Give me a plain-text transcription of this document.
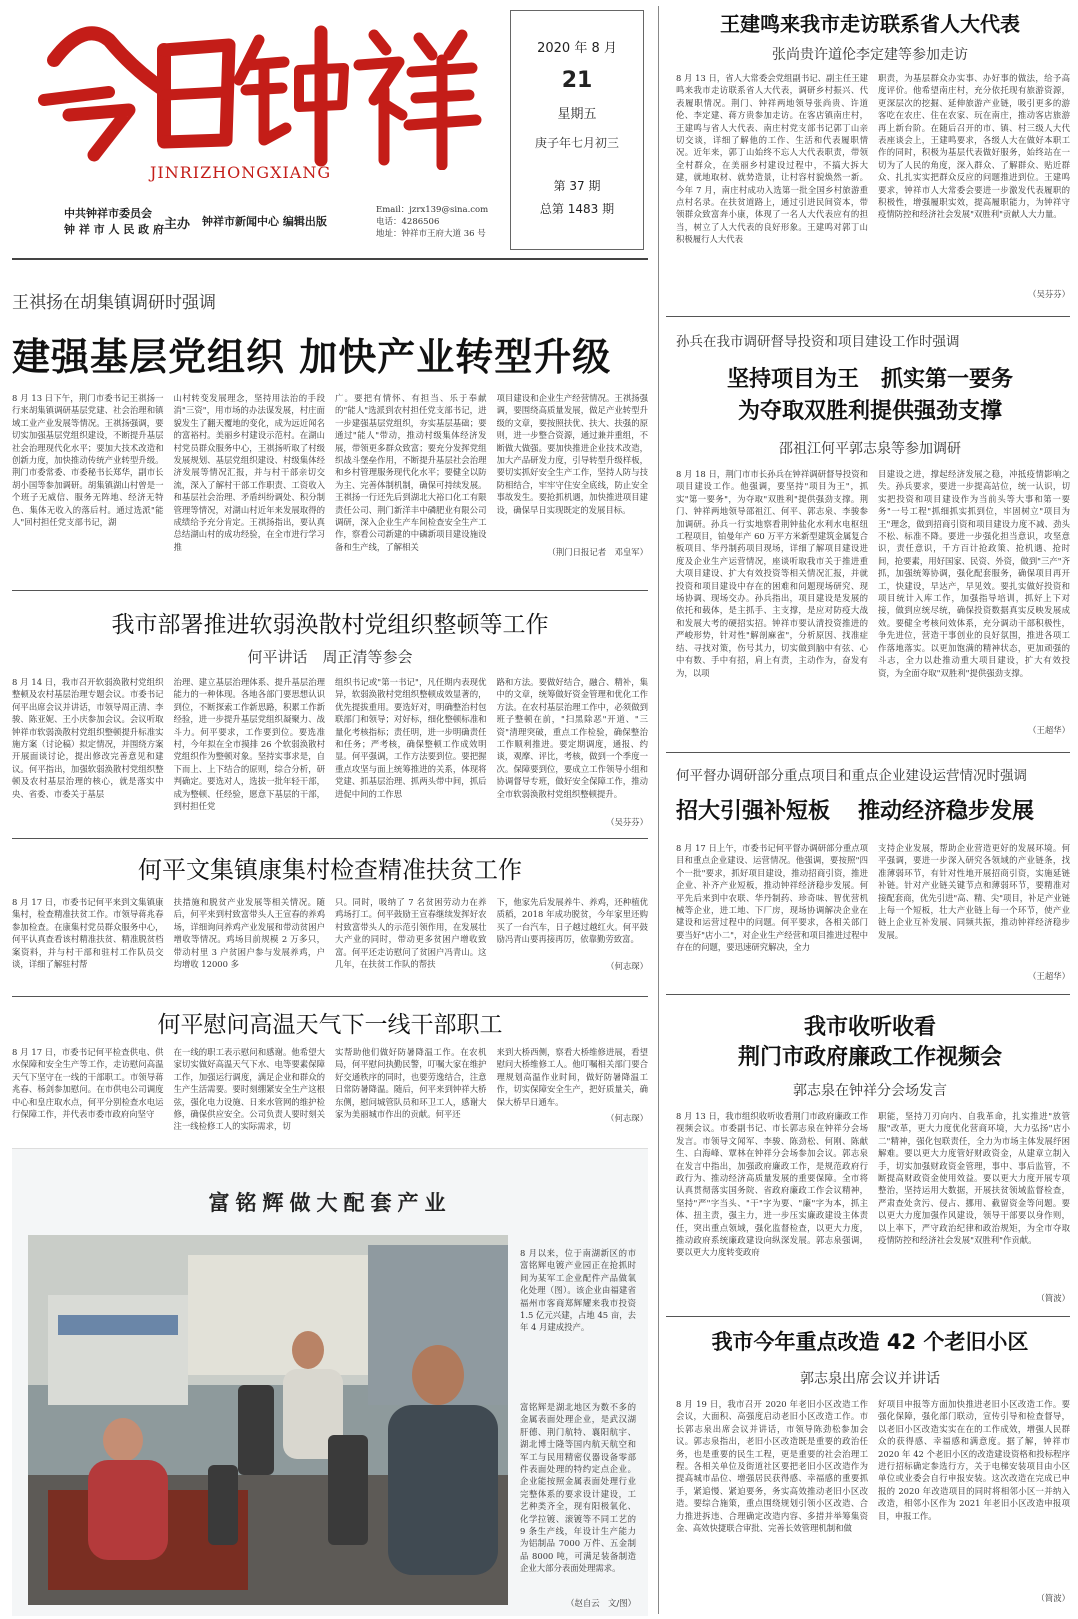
JINRIZHONGXIANG
中共钟祥市委员会
钟 祥 市 人 民 政 府 主办 钟祥市新闻中心 编辑出版
Email：jzrx139@sina.com
电话：4286506
地址：钟祥市王府大道 36 号
2020 年 8 月
21
星期五
庚子年七月初三
第 37 期
总第 1483 期
王祺扬在胡集镇调研时强调
建强基层党组织 加快产业转型升级
8 月 13 日下午，荆门市委书记王祺扬一行来胡集镇调研基层党建、社会治理和镇域工业产业发展等情况。王祺扬强调，要切实加强基层党组织建设，不断提升基层社会治理现代化水平；要加大技术改造和创新力度，加快推动传统产业转型升级。荆门市委常委、市委秘书长郑华，副市长胡小国等参加调研。胡集镇湖山村曾是一个班子无威信、服务无阵地、经济无特色、集体无收入的落后村。通过选派"能人"回村担任党支部书记，湖
山村转变发展理念，坚持用法治的手段消"三资"，用市场的办法谋发展，村庄面貌发生了翻天覆地的变化，成为远近闻名的富裕村。美丽乡村建设示范村。在湖山村党员群众服务中心，王祺扬听取了村级发展规划、基层党组织建设、村级集体经济发展等情况汇报，并与村干部亲切交流，深入了解村干部工作职责、工资收入和基层社会治理、矛盾纠纷调处、积分制管理等情况，对湖山村近年来发展取得的成绩给予充分肯定。王祺扬指出，要认真总结湖山村的成功经验，在全市进行学习推
广。要把有情怀、有担当、乐于奉献的"能人"选派到农村担任党支部书记，进一步建强基层党组织，夯实基层基础；要通过"能人"带动，推动村级集体经济发展，带领更多群众致富；要充分发挥党组织战斗堡垒作用，不断提升基层社会治理和乡村管理服务现代化水平；要健全以防为主、完善体制机制，确保可持续发展。王祺扬一行还先后到湖北大裕口化工有限责任公司、荆门新洋丰中磷肥业有限公司调研，深入企业生产车间检查安全生产工作，察看公司新建的中磷新项目建设施设备和生产线，了解相关
项目建设和企业生产经营情况。王祺扬强调，要围绕高质量发展，做足产业转型升级的文章，要按照扶优、扶大、扶强的原则，进一步整合资源，通过兼并重组，不断做大做强。要加快推进企业技术改造，加大产品研发力度，引导转型升级样板，要切实抓好安全生产工作，坚持人防与技防相结合，牢牢守住安全底线，防止安全事故发生。要抢抓机遇，加快推进项目建设，确保早日实现既定的发展目标。
（荆门日报记者　邓皇军）
我市部署推进软弱涣散村党组织整顿等工作
何平讲话　周正清等参会
8 月 14 日，我市召开软弱涣散村党组织整顿及农村基层治理专题会议。市委书记何平出席会议并讲话，市领导周正清、李骏、陈亚妮、王小庆参加会议。会议听取钟祥市软弱涣散村党组织整顿提升标准实施方案（讨论稿）拟定情况，并围绕方案开展面谈讨论，提出修改完善意见和建议。何平指出，加强软弱涣散村党组织整顿及农村基层治理的核心，就是落实中央、省委、市委关于基层
治理、建立基层治理体系、提升基层治理能力的一种体现。各地各部门要思想认识到位，不断探索工作新思路，积累工作新经验，进一步提升基层党组织凝聚力、战斗力。何平要求，工作要到位。要选准村，今年拟在全市摸排 26 个软弱涣散村党组织作为整顿对象。坚持实事求是，自下而上、上下结合的原则，综合分析，研判确定。要选对人，选拔一批年轻干部，成为整顿、任经验，愿意下基层的干部，到村担任党
组织书记或"第一书记"，凡任期内表现优异，软弱涣散村党组织整顿成效显著的，优先提拔重用。要选好对，明确整治村包联部门和领导；对好标，细化整顿标准和量化考核指标；责任明，进一步明确责任和任务；严考核，确保整顿工作成效明显。何平强调，工作方法要到位。要把握重点攻坚与面上统筹推进的关系，体现将党建、抓基层治理、抓两头带中间，抓后进促中间的工作思
路和方法。要做好结合，融合、精补，集中的文章，统筹做好资金管理和优化工作方法。在农村基层治理工作中，必须做到班子整顿在前，"扫黑除恶"开道、"三资"清理突破，重点工作检验，确保整治工作顺利推进。要定期调度，通报、约谈，观摩、评比，考核，做到一个季度一次。保障要到位，要成立工作领导小组和协调督导专班，做好安全保障工作，推动全市软弱涣散村党组织整顿提升。
（吴芬芬）
何平文集镇康集村检查精准扶贫工作
8 月 17 日，市委书记何平来到文集镇康集村，检查精准扶贫工作。市领导蒋兆春参加检查。在康集村党员群众服务中心，何平认真查看该村精准扶贫、精准脱贫档案资料，并与村干部和驻村工作队员交谈，详细了解驻村帮
扶措施和脱贫产业发展等相关情况。随后，何平来到村致富带头人王宣春的养鸡场，详细询问养鸡产业发展和带动贫困户增收等情况。鸡场目前规模 2 万多只，带动村里 3 户贫困户参与发展养鸡，户均增收 12000 多
只。同时，吸纳了 7 名贫困劳动力在养鸡场打工。何平鼓励王宣春继续发挥好农村致富带头人的示范引领作用，在发展壮大产业的同时，带动更多贫困户增收致富。何平还走访慰问了贫困户冯青山。这几年，在扶贫工作队的帮扶
下，他家先后发展养牛、养鸡，还种植优质稻，2018 年成功脱贫，今年家里还购买了一台汽车，日子越过越红火。何平鼓励冯青山要再接再厉，依靠勤劳致富。
（何志琛）
何平慰问高温天气下一线干部职工
8 月 17 日，市委书记何平检查供电、供水保障和安全生产等工作，走访慰问高温天气下坚守在一线的干部职工。市领导蒋兆春、杨剑参加慰问。在市供电公司调度中心和皇庄取水点，何平分别检查水电运行保障工作，并代表市委市政府向坚守
在一线的职工表示慰问和感谢。他希望大家切实做好高温天气下水、电等要素保障工作，加强运行调度，满足企业和群众的生产生活需要。要时刻绷紧安全生产这根弦，强化电力设施、日来水管网的维护检修，确保供应安全。公司负责人要时刻关注一线检修工人的实际需求，切
实帮助他们做好防暑降温工作。在农机局，何平慰问执勤民警，叮嘱大家在维护好交通秩序的同时，也要劳逸结合，注意日常防暑降温。随后，何平来到钟祥大桥东侧，慰问城管队员和环卫工人，感谢大家为美丽城市作出的贡献。何平还
来到大桥西侧，察看大桥维修进展，看望慰问大桥维修工人。他叮嘱相关部门要合理规划高温作业时间，做好防暑降温工作，切实保障安全生产，把好质量关，确保大桥早日通车。
（何志琛）
富铭辉做大配套产业
8 月以来，位于南湖新区的市富铭辉电镀产业园正在抢抓时间为某军工企业配件产品做氧化处理（图）。该企业由福建省福州市客商郑辉耀来我市投资 1.5 亿元兴建，占地 45 亩，去年 4 月建成投产。
富铭辉是湖北地区为数不多的金属表面处理企业，是武汉湖肝德、荆门航特、襄阳航宇、湖北博士隆等国内航天航空和军工与民用精密仪器设备零部件表面处理的特约定点企业。企业能按照金属表面处理行业完整体系的要求设计建设，工艺种类齐全，现有阳极氧化、化学拉镀、滚镀等不同工艺的 9 条生产线，年设计生产能力为铝制品 7000 万件、五金制品 8000 吨，可满足装备制造企业大部分表面处理需求。
（赵自云　文/图）
王建鸣来我市走访联系省人大代表
张尚贵许道伦李定建等参加走访
8 月 13 日，省人大常委会党组副书记、副主任王建鸣来我市走访联系省人大代表，调研乡村振兴、代表履职情况。荆门、钟祥两地领导张尚贵、许道伦、李定建、蒋方贵参加走访。在客店镇南庄村，王建鸣与省人大代表、南庄村党支部书记郭丁山亲切交谈，详细了解他的工作、生活和代表履职情况。近年来，郭丁山始终不忘人大代表职责，带领全村群众，在美丽乡村建设过程中，不搞大拆大建，就地取材、就势造景，让村容村貌焕然一新。今年 7 月，南庄村成功入选第一批全国乡村旅游重点村名录。在扶贫道路上，通过引进民间资本，带领群众致富奔小康，体现了一名人大代表应有的担当，树立了人大代表的良好形象。王建鸣对郭丁山积极履行人大代表
职责，为基层群众办实事、办好事的做法，给予高度评价。他希望南庄村，充分依托现有旅游资源，更深层次的挖掘、延伸旅游产业链，吸引更多的游客吃在农庄、住在农家、玩在南庄，推动客店旅游再上新台阶。在随后召开的市、镇、村三级人大代表座谈会上，王建鸣要求，各级人大在做好本职工作的同时，积极为基层代表做好服务，始终站在一切为了人民的角度，深入群众、了解群众、贴近群众、扎扎实实把群众反应的问题推进到位。王建鸣要求，钟祥市人大常委会要进一步激发代表履职的积极性，增强履职实效，提高履职能力，为钟祥守疫情防控和经济社会发展"双胜利"贡献人大力量。
（吴芬芬）
孙兵在我市调研督导投资和项目建设工作时强调
坚持项目为王　抓实第一要务
为夺取双胜利提供强劲支撑
邵祖江何平郭志泉等参加调研
8 月 18 日，荆门市市长孙兵在钟祥调研督导投资和项目建设工作。他强调，要坚持"项目为王"，抓实"第一要务"，为夺取"双胜利"提供强劲支撑。荆门、钟祥两地领导邵祖江、何平、郭志泉、李骏参加调研。孙兵一行实地察看荆钟盐化水利水电枢纽工程项目，铂曼年产 60 万平方米新型建筑金属复合板项目、华丹制药项目现场，详细了解项目建设进度及企业生产运营情况，座谈听取我市关于推进重大项目建设、扩大有效投资等相关情况汇报，并就投资和项目建设中存在的困难和问题现场研究、现场协调、现场交办。孙兵指出，项目建设是发展的依托和载体，是主抓手、主支撑，是应对防疫大战和发展大考的硬招实招。钟祥市要认清投资推进的严峻形势，针对性"解剖麻雀"，分析原因、找准症结、寻找对策，伤号其力，切实做到脑中有弦、心中有数、手中有招，肩上有责，主动作为，奋发有为，以项
目建设之进，撑起经济发展之稳，冲抵疫情影响之失。孙兵要求，要进一步提高站位，统一认识，切实把投资和项目建设作为当前头等大事和第一要务"一号工程"抓细抓实抓到位，牢固树立"项目为王"理念，做到招商引资和项目建设力度不减、劲头不松、标准不降。要进一步强化担当意识，攻坚意识，责任意识，千方百计抢政策、抢机遇、抢时间，抢要素，用好国家、民资、外资，做到"三产"齐抓，加强统筹协调，强化配套服务，确保项目再开工，快建设，早达产，早见效。要扎实做好投资和项目统计入库工作，加强指导培训，抓好上下对接，做到应统尽统，确保投资数据真实反映发展成效。要健全考核问效体系，充分调动干部积极性，争先进位，营造干事创业的良好氛围，推进各项工作落地落实。以更加饱满的精神状态，更加顽强的斗志，全力以赴推动重大项目建设，扩大有效投资，为全面夺取"双胜利"提供强劲支撑。
（王超华）
何平督办调研部分重点项目和重点企业建设运营情况时强调
招大引强补短板 推动经济稳步发展
8 月 17 日上午，市委书记何平督办调研部分重点项目和重点企业建设、运营情况。他强调，要按照"四个一批"要求，抓好项目建设，推动招商引资，推进企业、补齐产业短板，推动钟祥经济稳步发展。何平先后来到中农联、华丹制药、珍奇味、智优营机械等企业，进工地、下厂房，现场协调解决企业在建设和运营过程中的问题。何平要求，各相关部门要当好"店小二"，对企业生产经营和项目推进过程中存在的问题，要迅速研究解决，全力
支持企业发展，帮助企业营造更好的发展环境。何平强调，要进一步深入研究各领域的产业链条，找准薄弱环节，有针对性地开展招商引资，实施延链补链。针对产业链关键节点和薄弱环节，要精准对接配套商，优先引进"高、精、尖"项目，补足产业链上每一个短板，壮大产业链上每一个环节，使产业链上企业互补发展、同频共振，推动钟祥经济稳步发展。
（王超华）
我市收听收看
荆门市政府廉政工作视频会
郭志泉在钟祥分会场发言
8 月 13 日，我市组织收听收看荆门市政府廉政工作视频会议。市委副书记、市长郭志泉在钟祥分会场发言。市领导文闻军、李骏、陈劲松、何刚、陈献生、白海峰、覃林在钟祥分会场参加会议。郭志泉在发言中指出，加强政府廉政工作，是规范政府行政行为、推动经济高质量发展的重要保障。全市将认真贯彻落实国务院、省政府廉政工作会议精神，坚持"严"字当头、"干"字为要、"廉"字为本，抓主体、扭主责，强主力，进一步压实廉政建设主体责任，突出重点领域，强化监督检查，以更大力度，推动政府系统廉政建设向纵深发展。郭志泉强调，要以更大力度转变政府
职能，坚持刀刃向内、自我革命，扎实推进"放管服"改革，更大力度优化营商环境，大力弘扬"店小二"精神，强化包联责任，全力为市场主体发展纾困解难。要以更大力度管好财政资金，从建章立制入手，切实加强财政资金管理，事中、事后监管，不断提高财政资金使用效益。要以更大力度开展专项整治，坚持运用大数据，开展扶贫领域监督检查，严肃查处贪污、侵占、挪用、截留资金等问题。要以更大力度加强作风建设，领导干部要以身作则，以上率下，严守政治纪律和政治规矩，为全市夺取疫情防控和经济社会发展"双胜利"作贡献。
（简波）
我市今年重点改造 42 个老旧小区
郭志泉出席会议并讲话
8 月 19 日，我市召开 2020 年老旧小区改造工作会议，大面积、高强度启动老旧小区改造工作。市长郭志泉出席会议并讲话，市领导陈劲松参加会议。郭志泉指出，老旧小区改造既是重要的政治任务，也是重要的民生工程，更是重要的社会治理工程。各相关单位及街道社区要把老旧小区改造作为提高城市品位、增强居民获得感、幸福感的重要抓手，紧追慢、紧迫要务，务实高效推动老旧小区改造。要综合施策，重点围绕规划引领小区改造、合力推进拆违、合理确定改造内容、多措并举筹集资金、高效快捷联合审批、完善长效管理机制和做
好项目申报等方面加快推进老旧小区改造工作。要强化保障，强化部门联动，宣传引导和检查督导，以老旧小区改造实实在在的工作成效，增强人民群众的获得感、幸福感和满意度。据了解，钟祥市 2020 年 42 个老旧小区的改造建设资格和投标程序进行招标确定参选行方，关于电梯安装项目由小区单位或业委会自行申报安装。这次改造在完成已申报的 2020 年改造项目的同时将相邻小区一并纳入改造，相邻小区作为 2021 年老旧小区改造申报项目，申报工作。
（简波）
